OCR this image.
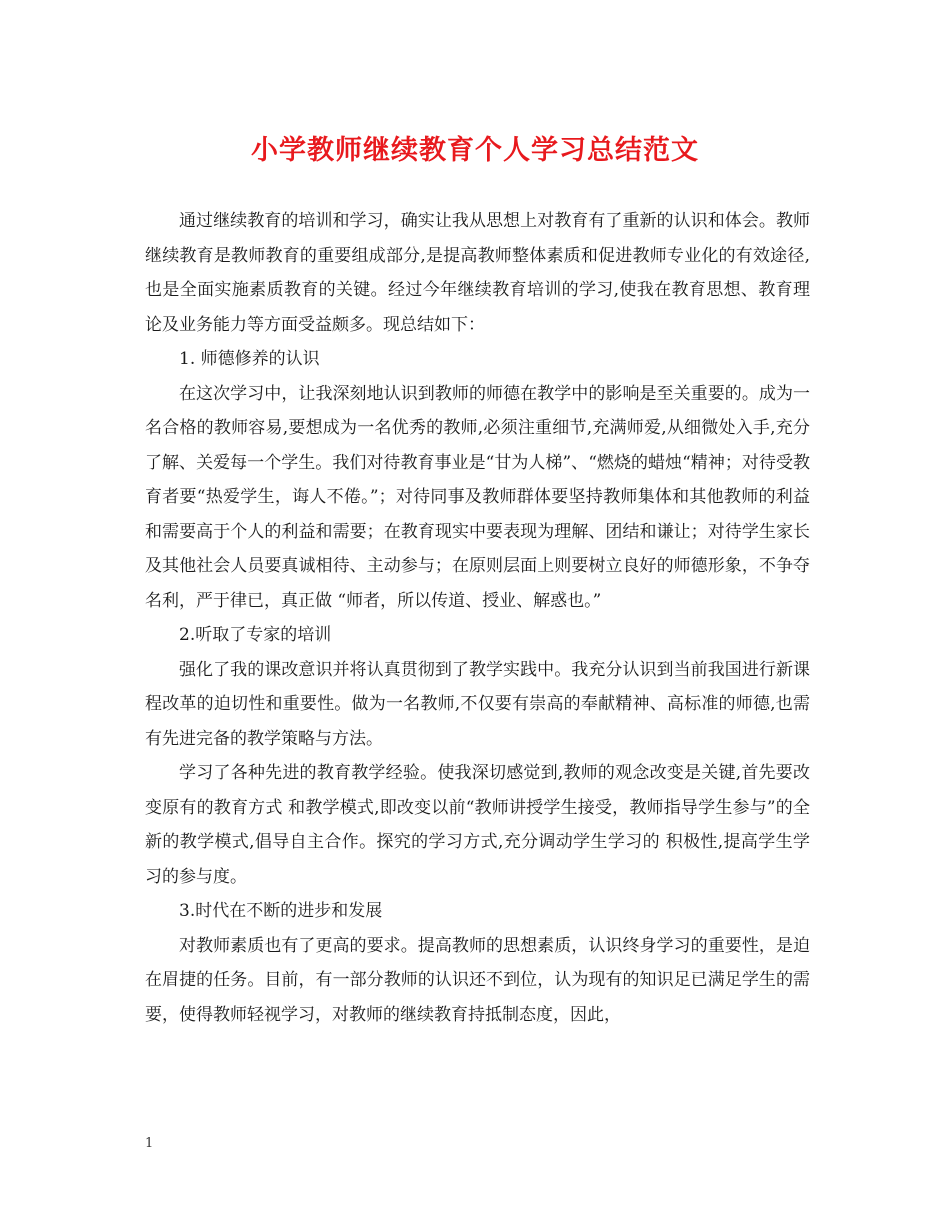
小学教师继续教育个人学习总结范文

通过继续教育的培训和学习，确实让我从思想上对教育有了重新的认识和体会。教师继续教育是教师教育的重要组成部分,是提高教师整体素质和促进教师专业化的有效途径,也是全面实施素质教育的关键。经过今年继续教育培训的学习,使我在教育思想、教育理论及业务能力等方面受益颇多。现总结如下：

1. 师德修养的认识

在这次学习中，让我深刻地认识到教师的师德在教学中的影响是至关重要的。成为一名合格的教师容易,要想成为一名优秀的教师,必须注重细节,充满师爱,从细微处入手,充分了解、关爱每一个学生。我们对待教育事业是“甘为人梯”、“燃烧的蜡烛“精神；对待受教育者要“热爱学生，诲人不倦。”；对待同事及教师群体要坚持教师集体和其他教师的利益和需要高于个人的利益和需要；在教育现实中要表现为理解、团结和谦让；对待学生家长及其他社会人员要真诚相待、主动参与；在原则层面上则要树立良好的师德形象，不争夺名利，严于律已，真正做 “师者，所以传道、授业、解惑也。”

2.听取了专家的培训

强化了我的课改意识并将认真贯彻到了教学实践中。我充分认识到当前我国进行新课程改革的迫切性和重要性。做为一名教师,不仅要有崇高的奉献精神、高标准的师德,也需有先进完备的教学策略与方法。

学习了各种先进的教育教学经验。使我深切感觉到,教师的观念改变是关键,首先要改变原有的教育方式 和教学模式,即改变以前“教师讲授学生接受，教师指导学生参与”的全 新的教学模式,倡导自主合作。探究的学习方式,充分调动学生学习的 积极性,提高学生学习的参与度。

3.时代在不断的进步和发展

对教师素质也有了更高的要求。提高教师的思想素质，认识终身学习的重要性，是迫在眉捷的任务。目前，有一部分教师的认识还不到位，认为现有的知识足已满足学生的需要，使得教师轻视学习，对教师的继续教育持抵制态度，因此，

1
